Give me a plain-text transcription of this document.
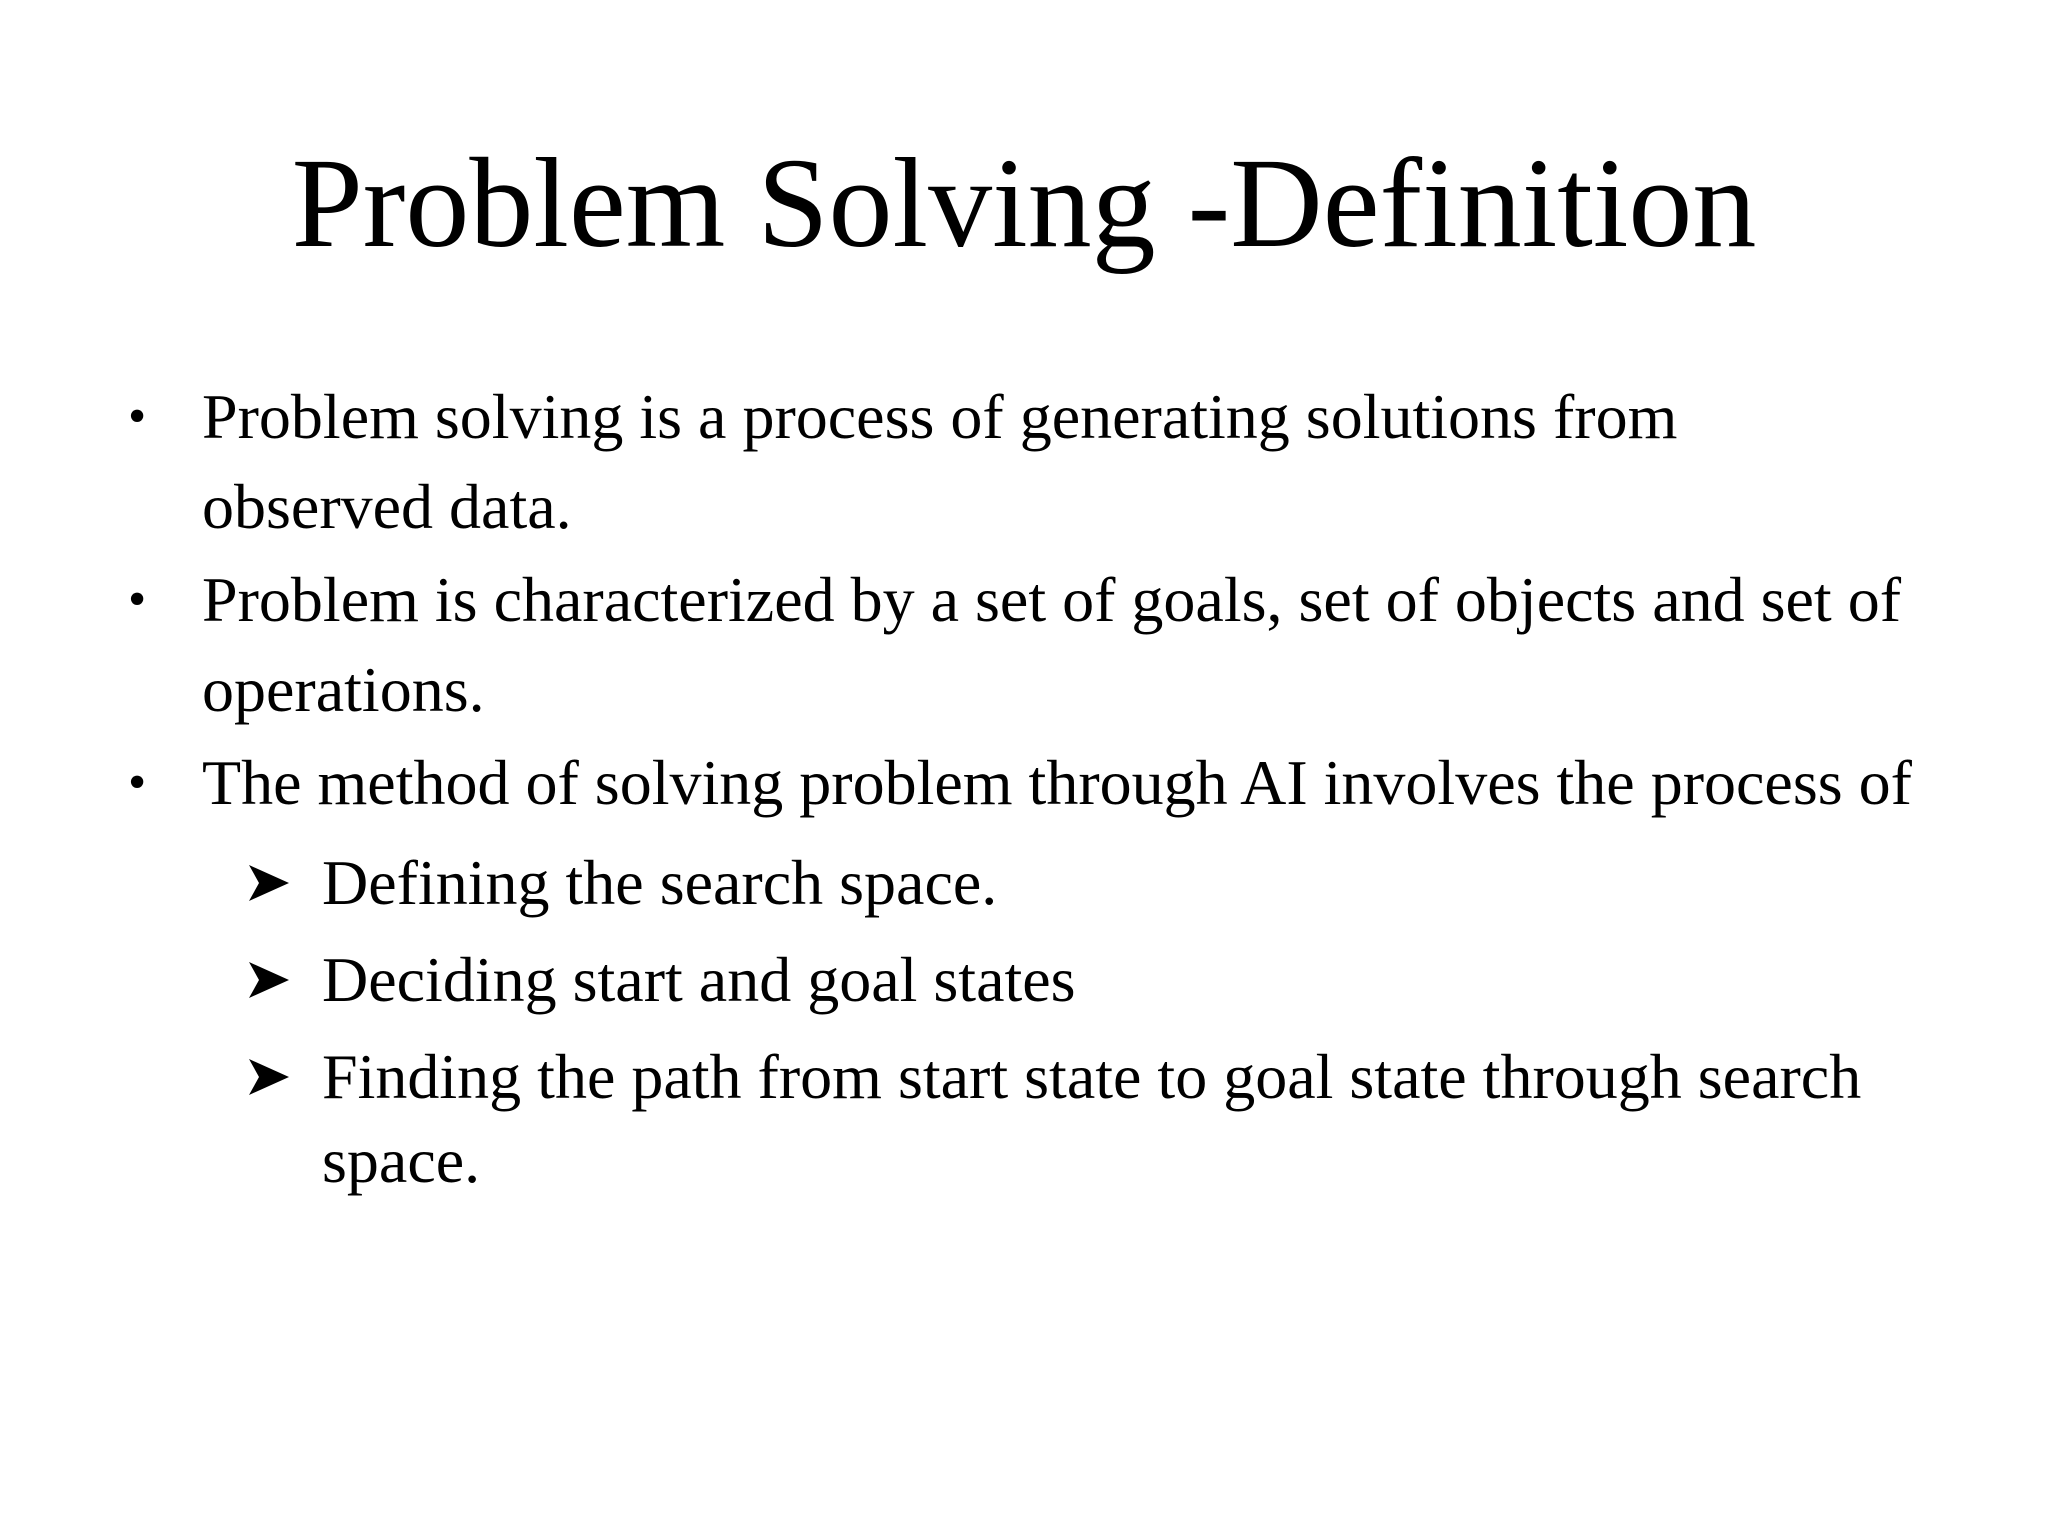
Problem Solving -Definition
• Problem solving is a process of generating solutions from observed data.
• Problem is characterized by a set of goals, set of objects and set of operations.
• The method of solving problem through AI involves the process of
Defining the search space.
Deciding start and goal states
Finding the path from start state to goal state through search space.
